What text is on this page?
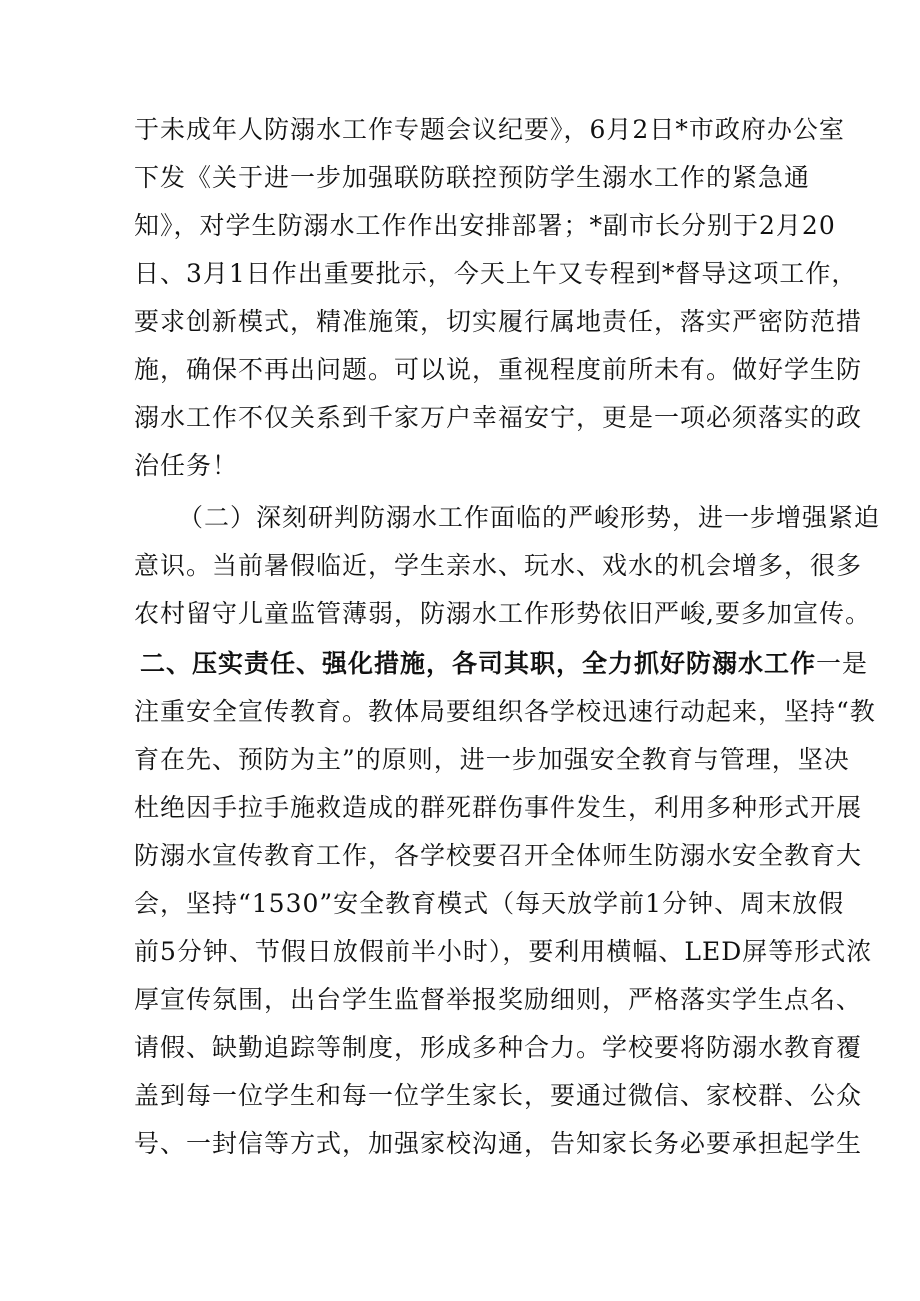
于未成年人防溺水工作专题会议纪要》，6月2日*市政府办公室
下发《关于进一步加强联防联控预防学生溺水工作的紧急通
知》，对学生防溺水工作作出安排部署；*副市长分别于2月20
日、3月1日作出重要批示，今天上午又专程到*督导这项工作，
要求创新模式，精准施策，切实履行属地责任，落实严密防范措
施，确保不再出问题。可以说，重视程度前所未有。做好学生防
溺水工作不仅关系到千家万户幸福安宁，更是一项必须落实的政
治任务！
（二）深刻研判防溺水工作面临的严峻形势，进一步增强紧迫
意识。当前暑假临近，学生亲水、玩水、戏水的机会增多，很多
农村留守儿童监管薄弱，防溺水工作形势依旧严峻,要多加宣传。
二、压实责任、强化措施，各司其职，全力抓好防溺水工作一是
注重安全宣传教育。教体局要组织各学校迅速行动起来，坚持“教
育在先、预防为主”的原则，进一步加强安全教育与管理，坚决
杜绝因手拉手施救造成的群死群伤事件发生，利用多种形式开展
防溺水宣传教育工作，各学校要召开全体师生防溺水安全教育大
会，坚持“1530”安全教育模式（每天放学前1分钟、周末放假
前5分钟、节假日放假前半小时），要利用横幅、LED屏等形式浓
厚宣传氛围，出台学生监督举报奖励细则，严格落实学生点名、
请假、缺勤追踪等制度，形成多种合力。学校要将防溺水教育覆
盖到每一位学生和每一位学生家长，要通过微信、家校群、公众
号、一封信等方式，加强家校沟通，告知家长务必要承担起学生
